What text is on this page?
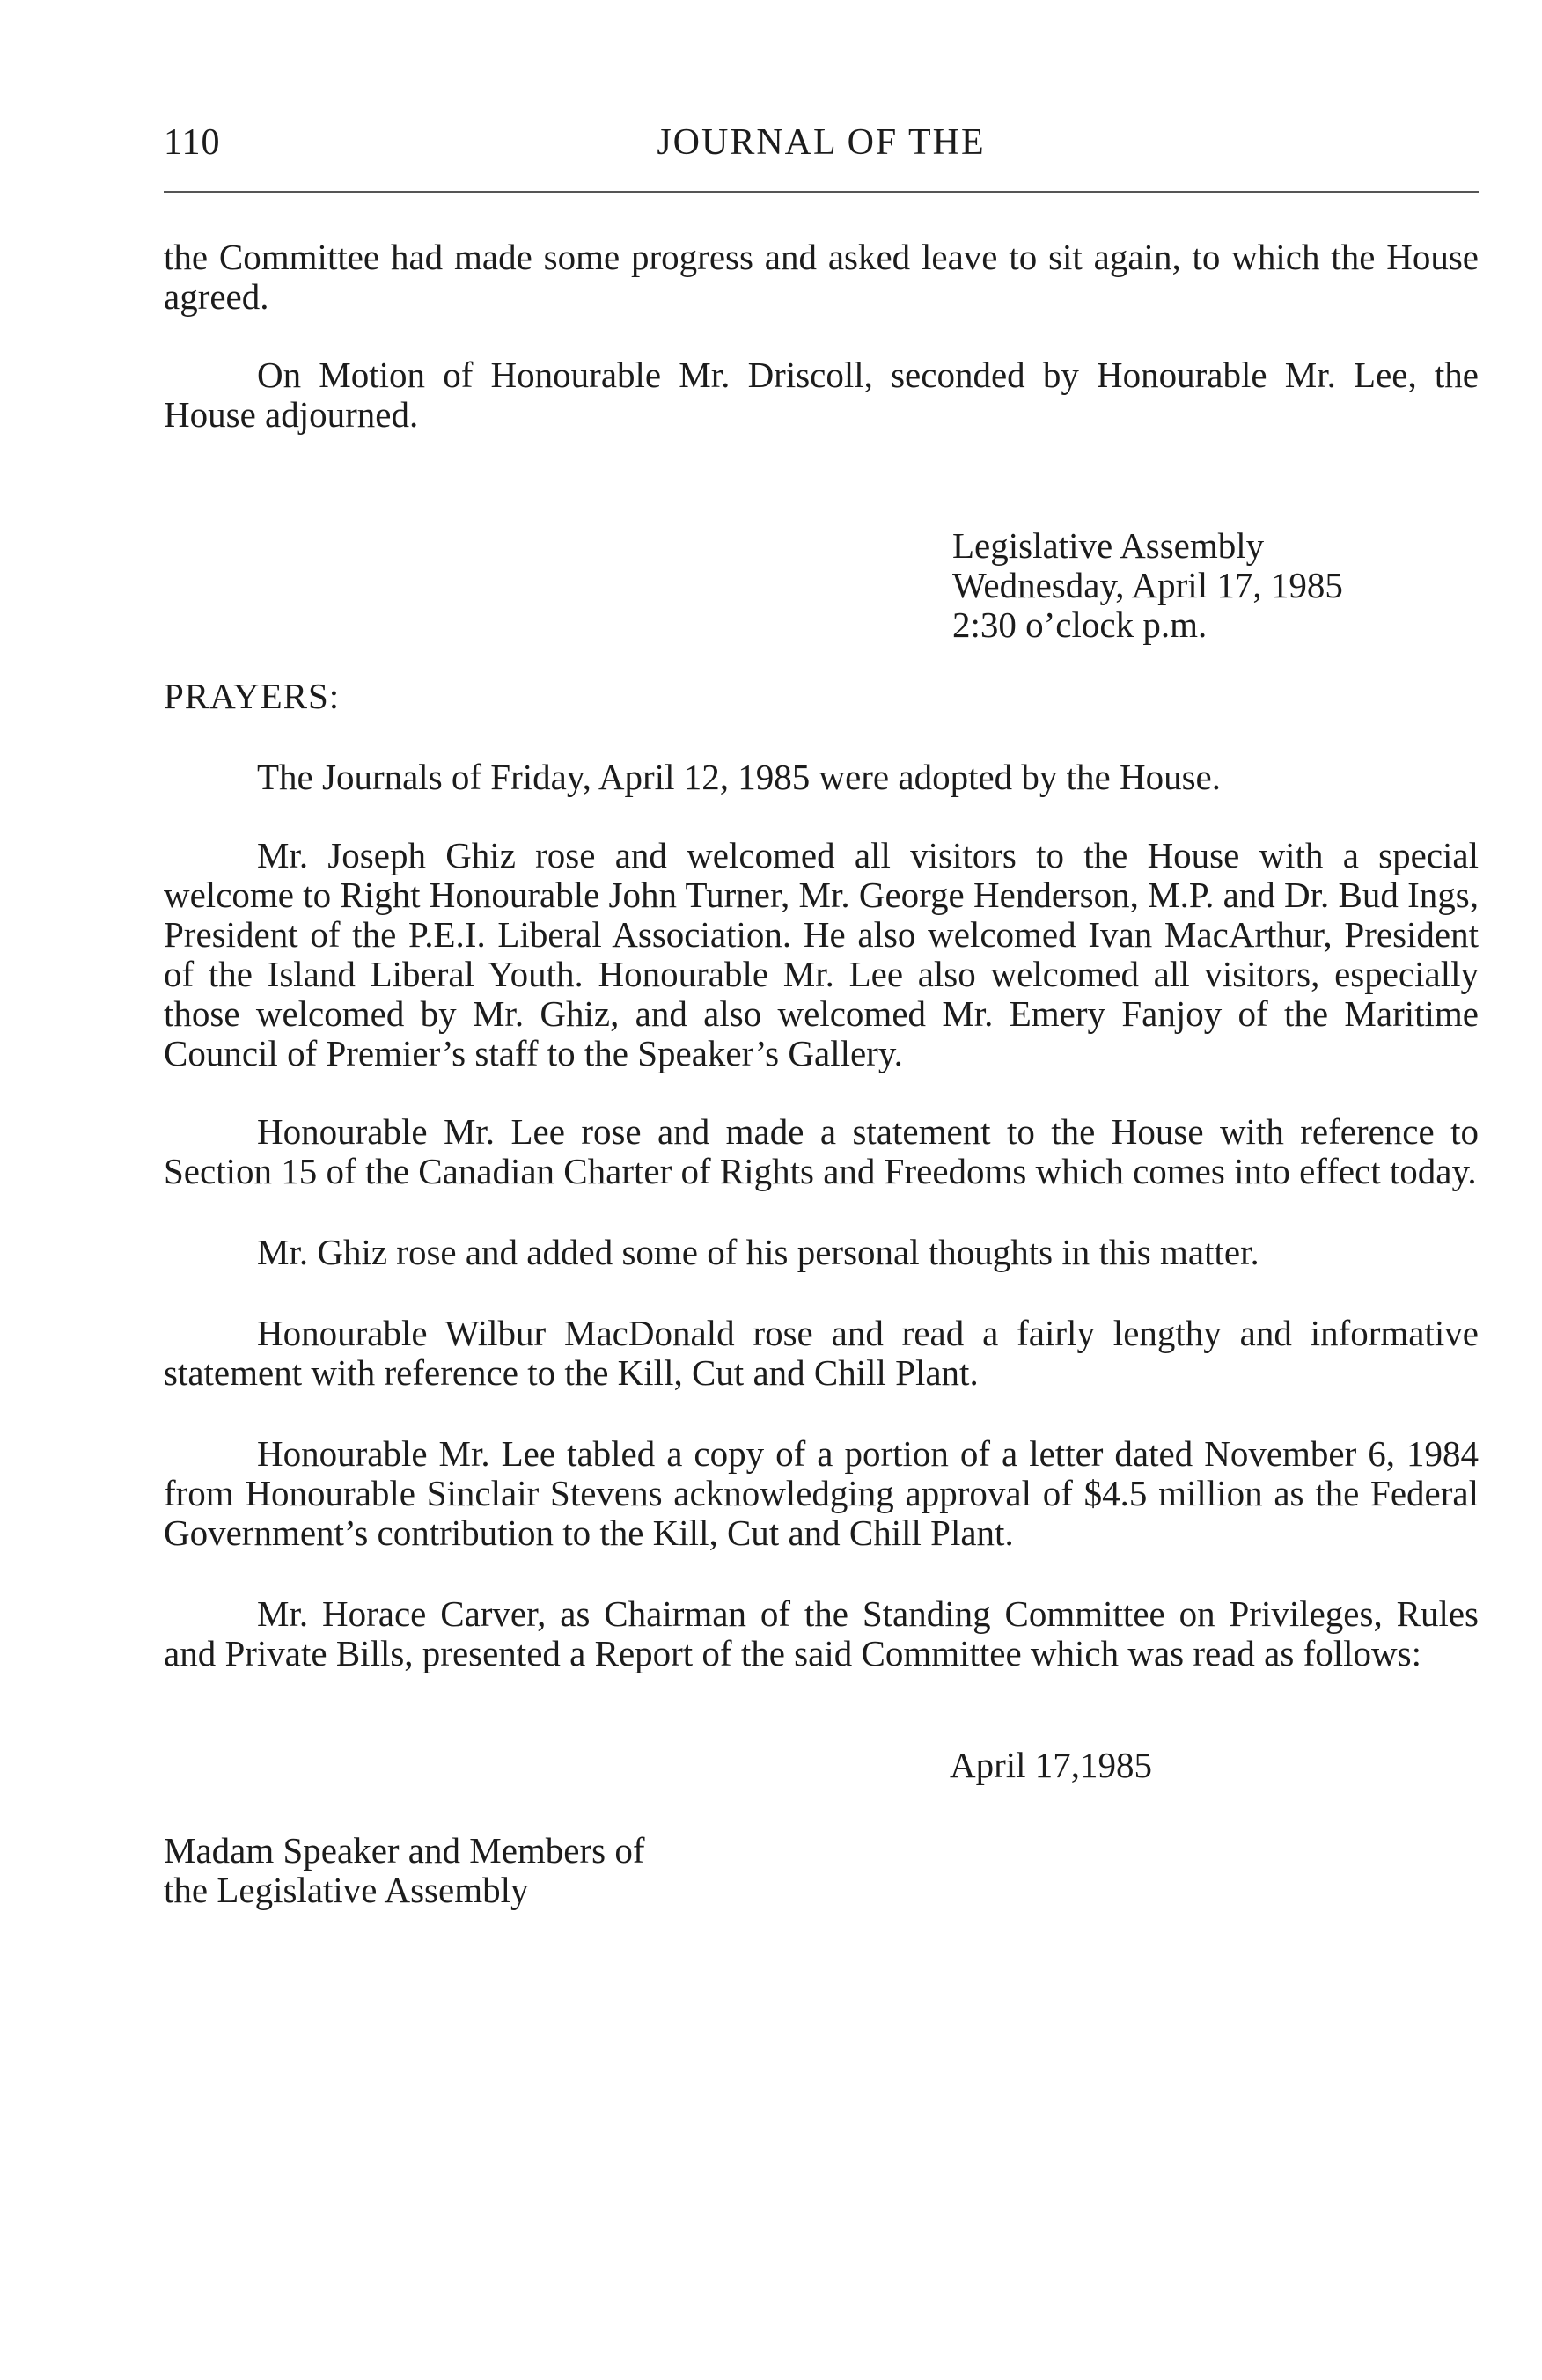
JOURNAL OF THE
110

the Committee had made some progress and asked leave to sit again, to which the House agreed.

On Motion of Honourable Mr. Driscoll, seconded by Honourable Mr. Lee, the House adjourned.

Legislative Assembly
Wednesday, April 17, 1985
2:30 o’clock p.m.
PRAYERS:

The Journals of Friday, April 12, 1985 were adopted by the House.

Mr. Joseph Ghiz rose and welcomed all visitors to the House with a special welcome to Right Honourable John Turner, Mr. George Henderson, M.P. and Dr. Bud Ings, President of the P.E.I. Liberal Association. He also welcomed Ivan MacArthur, President of the Island Liberal Youth. Honourable Mr. Lee also welcomed all visitors, especially those welcomed by Mr. Ghiz, and also welcomed Mr. Emery Fanjoy of the Maritime Council of Premier’s staff to the Speaker’s Gallery.

Honourable Mr. Lee rose and made a statement to the House with reference to Section 15 of the Canadian Charter of Rights and Freedoms which comes into effect today.

Mr. Ghiz rose and added some of his personal thoughts in this matter.

Honourable Wilbur MacDonald rose and read a fairly lengthy and informative statement with reference to the Kill, Cut and Chill Plant.

Honourable Mr. Lee tabled a copy of a portion of a letter dated November 6, 1984 from Honourable Sinclair Stevens acknowledging approval of $4.5 million as the Federal Government’s contribution to the Kill, Cut and Chill Plant.

Mr. Horace Carver, as Chairman of the Standing Committee on Privileges, Rules and Private Bills, presented a Report of the said Committee which was read as follows:

April 17,1985
Madam Speaker and Members of
the Legislative Assembly
